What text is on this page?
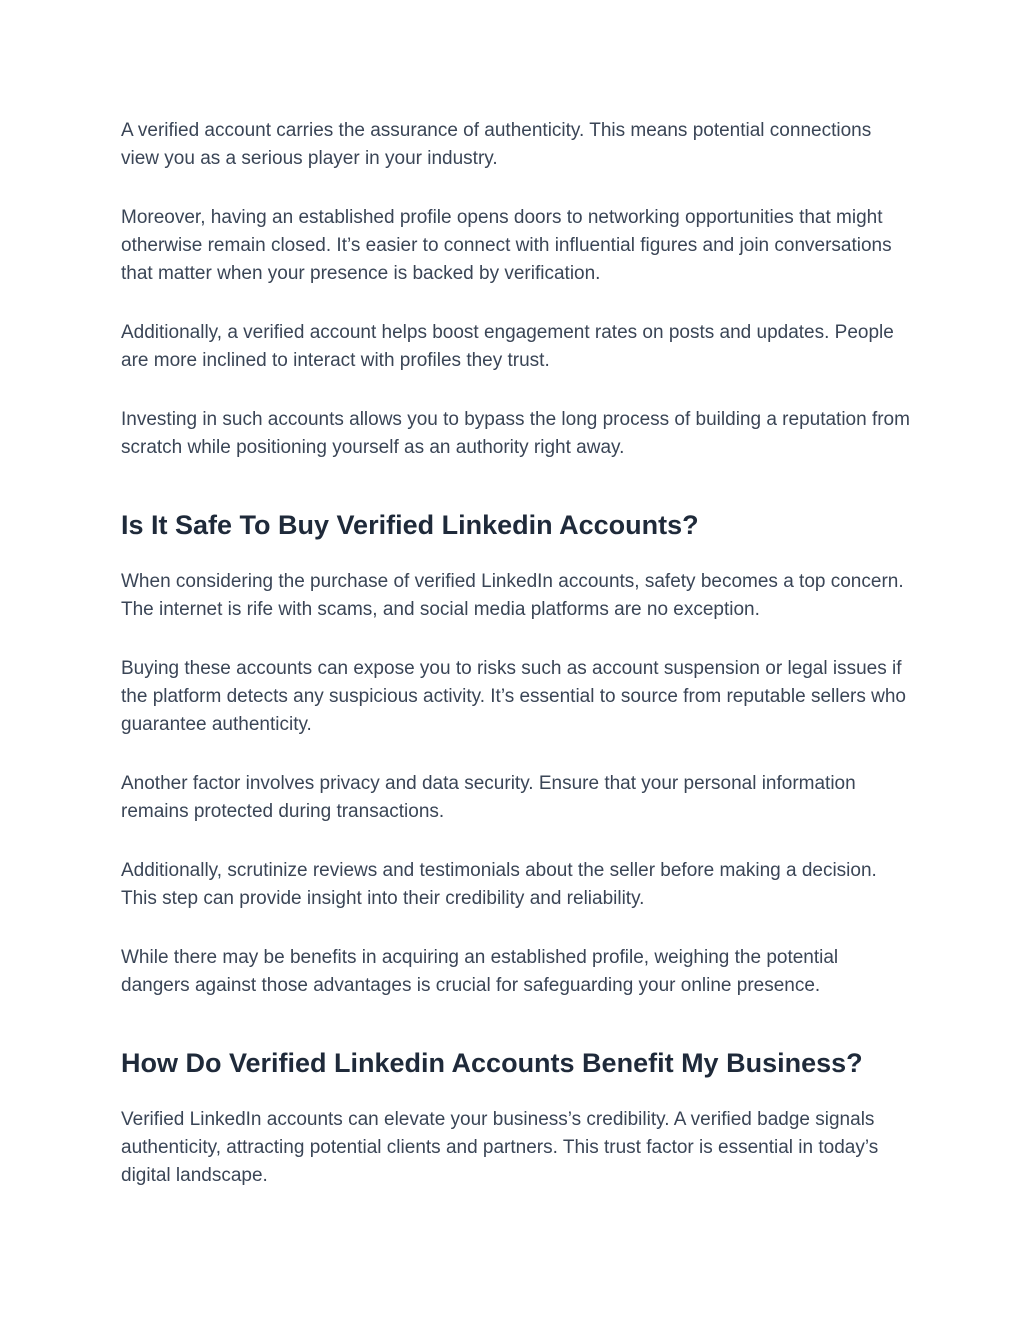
A verified account carries the assurance of authenticity. This means potential connections view you as a serious player in your industry.

Moreover, having an established profile opens doors to networking opportunities that might otherwise remain closed. It’s easier to connect with influential figures and join conversations that matter when your presence is backed by verification.

Additionally, a verified account helps boost engagement rates on posts and updates. People are more inclined to interact with profiles they trust.

Investing in such accounts allows you to bypass the long process of building a reputation from scratch while positioning yourself as an authority right away.

Is It Safe To Buy Verified Linkedin Accounts?

When considering the purchase of verified LinkedIn accounts, safety becomes a top concern. The internet is rife with scams, and social media platforms are no exception.

Buying these accounts can expose you to risks such as account suspension or legal issues if the platform detects any suspicious activity. It’s essential to source from reputable sellers who guarantee authenticity.

Another factor involves privacy and data security. Ensure that your personal information remains protected during transactions.

Additionally, scrutinize reviews and testimonials about the seller before making a decision. This step can provide insight into their credibility and reliability.

While there may be benefits in acquiring an established profile, weighing the potential dangers against those advantages is crucial for safeguarding your online presence.

How Do Verified Linkedin Accounts Benefit My Business?

Verified LinkedIn accounts can elevate your business’s credibility. A verified badge signals authenticity, attracting potential clients and partners. This trust factor is essential in today’s digital landscape.
